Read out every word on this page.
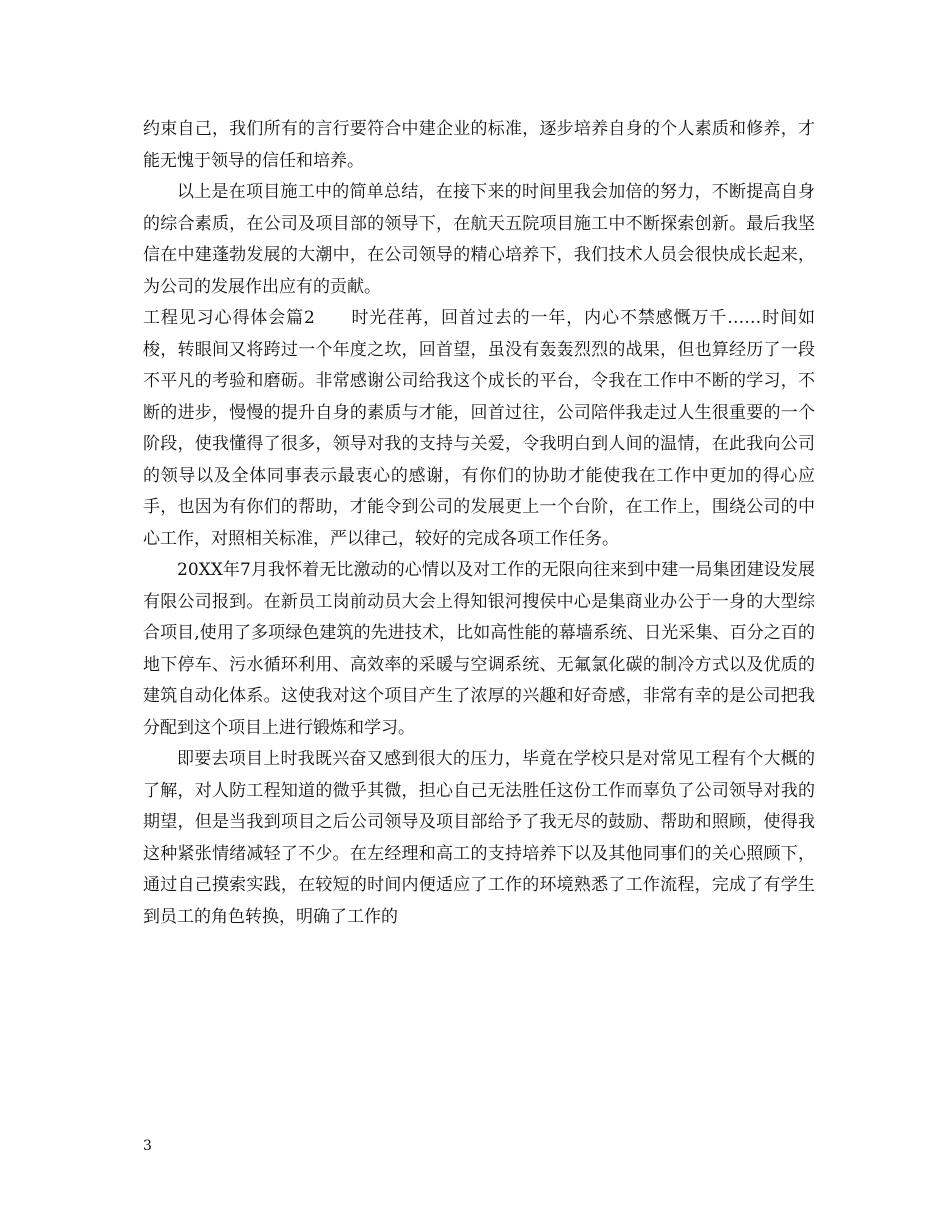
约束自己，我们所有的言行要符合中建企业的标准，逐步培养自身的个人素质和修养，才能无愧于领导的信任和培养。

以上是在项目施工中的简单总结，在接下来的时间里我会加倍的努力，不断提高自身的综合素质，在公司及项目部的领导下，在航天五院项目施工中不断探索创新。最后我坚信在中建蓬勃发展的大潮中，在公司领导的精心培养下，我们技术人员会很快成长起来，为公司的发展作出应有的贡献。

工程见习心得体会篇2　　时光荏苒，回首过去的一年，内心不禁感慨万千……时间如梭，转眼间又将跨过一个年度之坎，回首望，虽没有轰轰烈烈的战果，但也算经历了一段不平凡的考验和磨砺。非常感谢公司给我这个成长的平台，令我在工作中不断的学习，不断的进步，慢慢的提升自身的素质与才能，回首过往，公司陪伴我走过人生很重要的一个阶段，使我懂得了很多，领导对我的支持与关爱，令我明白到人间的温情，在此我向公司的领导以及全体同事表示最衷心的感谢，有你们的协助才能使我在工作中更加的得心应手，也因为有你们的帮助，才能令到公司的发展更上一个台阶，在工作上，围绕公司的中心工作，对照相关标准，严以律己，较好的完成各项工作任务。

20XX年7月我怀着无比激动的心情以及对工作的无限向往来到中建一局集团建设发展有限公司报到。在新员工岗前动员大会上得知银河搜侯中心是集商业办公于一身的大型综合项目,使用了多项绿色建筑的先进技术，比如高性能的幕墙系统、日光采集、百分之百的地下停车、污水循环利用、高效率的采暖与空调系统、无氟氯化碳的制冷方式以及优质的建筑自动化体系。这使我对这个项目产生了浓厚的兴趣和好奇感，非常有幸的是公司把我分配到这个项目上进行锻炼和学习。

即要去项目上时我既兴奋又感到很大的压力，毕竟在学校只是对常见工程有个大概的了解，对人防工程知道的微乎其微，担心自己无法胜任这份工作而辜负了公司领导对我的期望，但是当我到项目之后公司领导及项目部给予了我无尽的鼓励、帮助和照顾，使得我这种紧张情绪减轻了不少。在左经理和高工的支持培养下以及其他同事们的关心照顾下，通过自己摸索实践，在较短的时间内便适应了工作的环境熟悉了工作流程，完成了有学生到员工的角色转换，明确了工作的

3
